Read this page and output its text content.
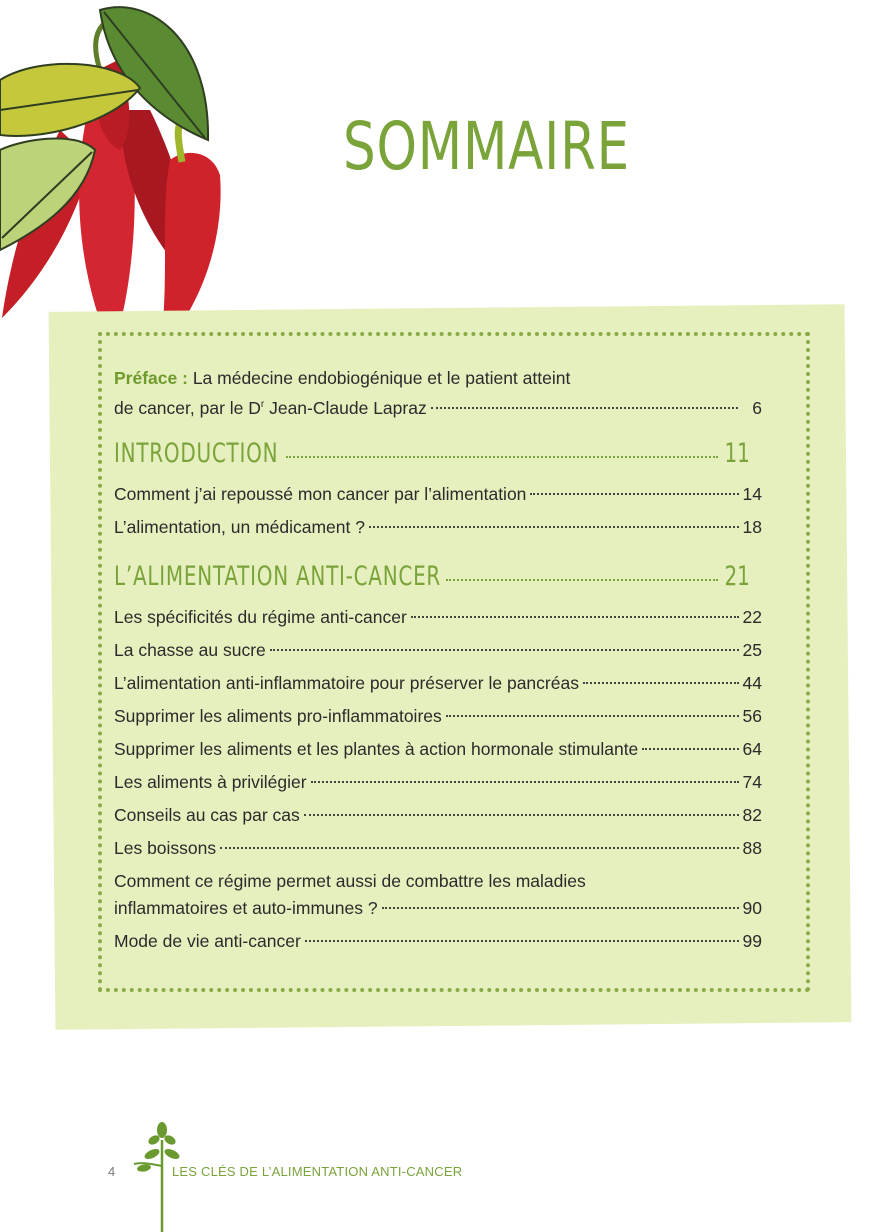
SOMMAIRE
Préface : La médecine endobiogénique et le patient atteint
de cancer, par le $D^r$ Jean-Claude Lapraz	6
INTRODUCTION	11
Comment j’ai repoussé mon cancer par l’alimentation	14
L’alimentation, un médicament ?	18
L’ALIMENTATION ANTI-CANCER	21
Les spécificités du régime anti-cancer	22
La chasse au sucre	25
L’alimentation anti-inflammatoire pour préserver le pancréas	44
Supprimer les aliments pro-inflammatoires	56
Supprimer les aliments et les plantes à action hormonale stimulante	64
Les aliments à privilégier	74
Conseils au cas par cas	82
Les boissons	88
Comment ce régime permet aussi de combattre les maladies
inflammatoires et auto-immunes ?	90
Mode de vie anti-cancer	99
4	LES CLÉS DE L’ALIMENTATION ANTI-CANCER
